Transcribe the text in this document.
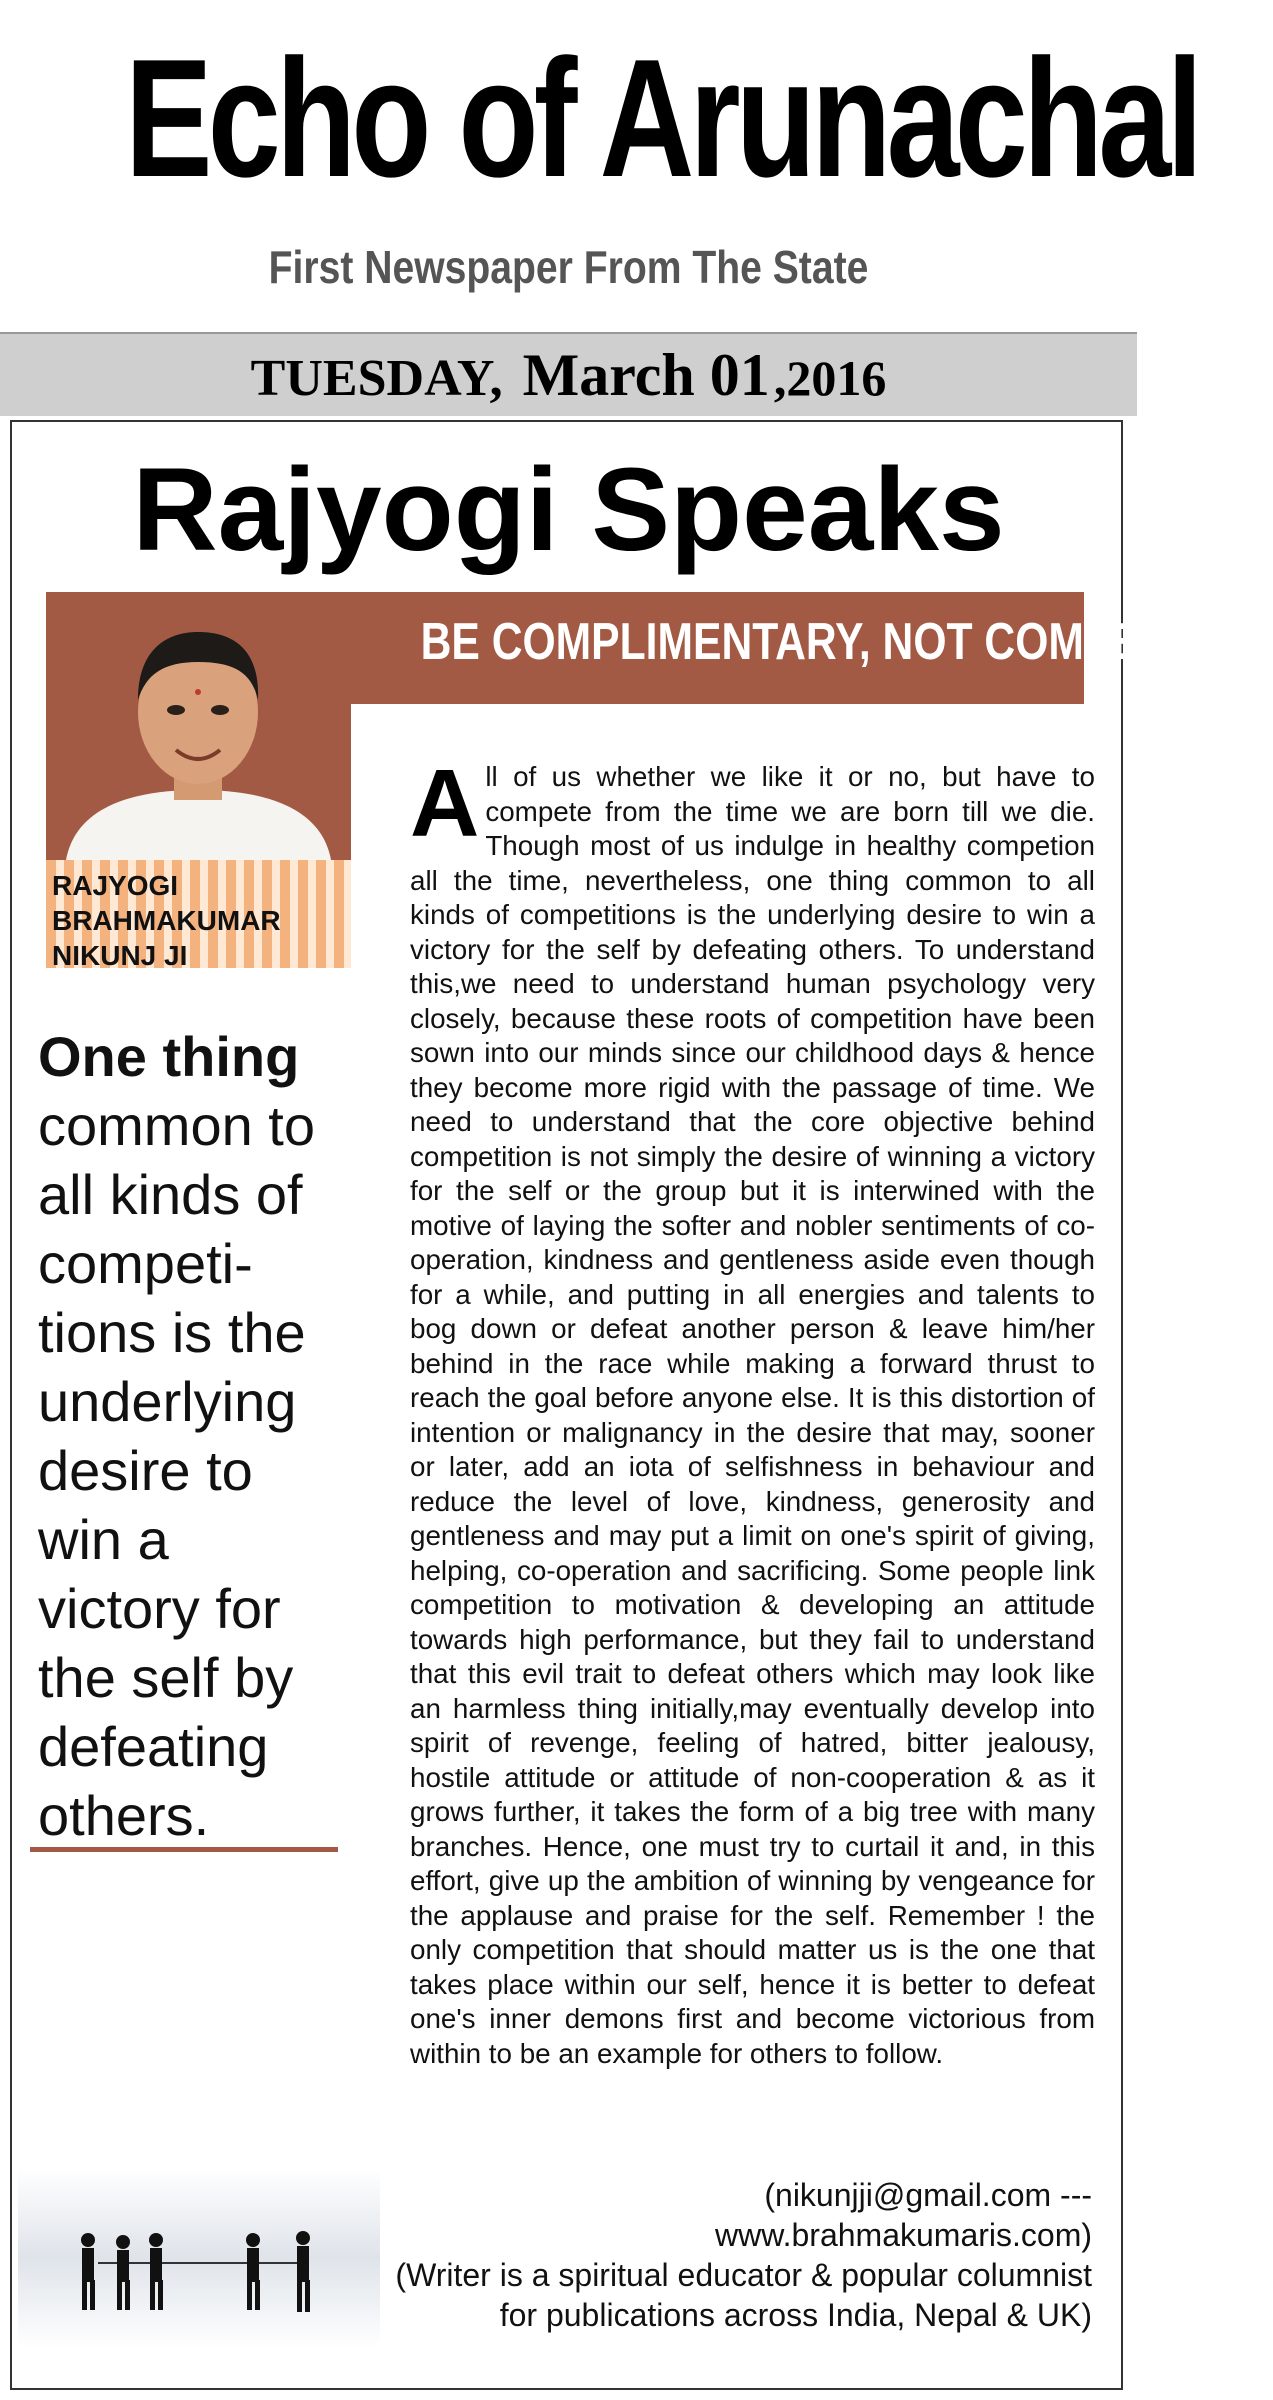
Echo of Arunachal
First Newspaper From The State
TUESDAY, March 01,2016
Rajyogi Speaks
BE COMPLIMENTARY, NOT COMPETITIVE
RAJYOGI
BRAHMAKUMAR
NIKUNJ JI
One thing common to all kinds of competi-tions is the underlying desire to win a victory for the self by defeating others.
All of us whether we like it or no, but have to compete from the time we are born till we die. Though most of us indulge in healthy competion all the time, nevertheless, one thing common to all kinds of competitions is the underlying desire to win a victory for the self by defeating others. To understand this,we need to understand human psychology very closely, because these roots of competition have been sown into our minds since our childhood days & hence they become more rigid with the passage of time. We need to understand that the core objective behind competition is not simply the desire of winning a victory for the self or the group but it is interwined with the motive of laying the softer and nobler sentiments of co-operation, kindness and gentleness aside even though for a while, and putting in all energies and talents to bog down or defeat another person & leave him/her behind in the race while making a forward thrust to reach the goal before anyone else. It is this distortion of intention or malignancy in the desire that may, sooner or later, add an iota of selfishness in behaviour and reduce the level of love, kindness, generosity and gentleness and may put a limit on one's spirit of giving, helping, co-operation and sacrificing. Some people link competition to motivation & developing an attitude towards high performance, but they fail to understand that this evil trait to defeat others which may look like an harmless thing initially,may eventually develop into spirit of revenge, feeling of hatred, bitter jealousy, hostile attitude or attitude of non-cooperation & as it grows further, it takes the form of a big tree with many branches. Hence, one must try to curtail it and, in this effort, give up the ambition of winning by vengeance for the applause and praise for the self. Remember ! the only competition that should matter us is the one that takes place within our self, hence it is better to defeat one's inner demons first and become victorious from within to be an example for others to follow.
(nikunjji@gmail.com --- www.brahmakumaris.com)
(Writer is a spiritual educator & popular columnist
for publications across India, Nepal & UK)
